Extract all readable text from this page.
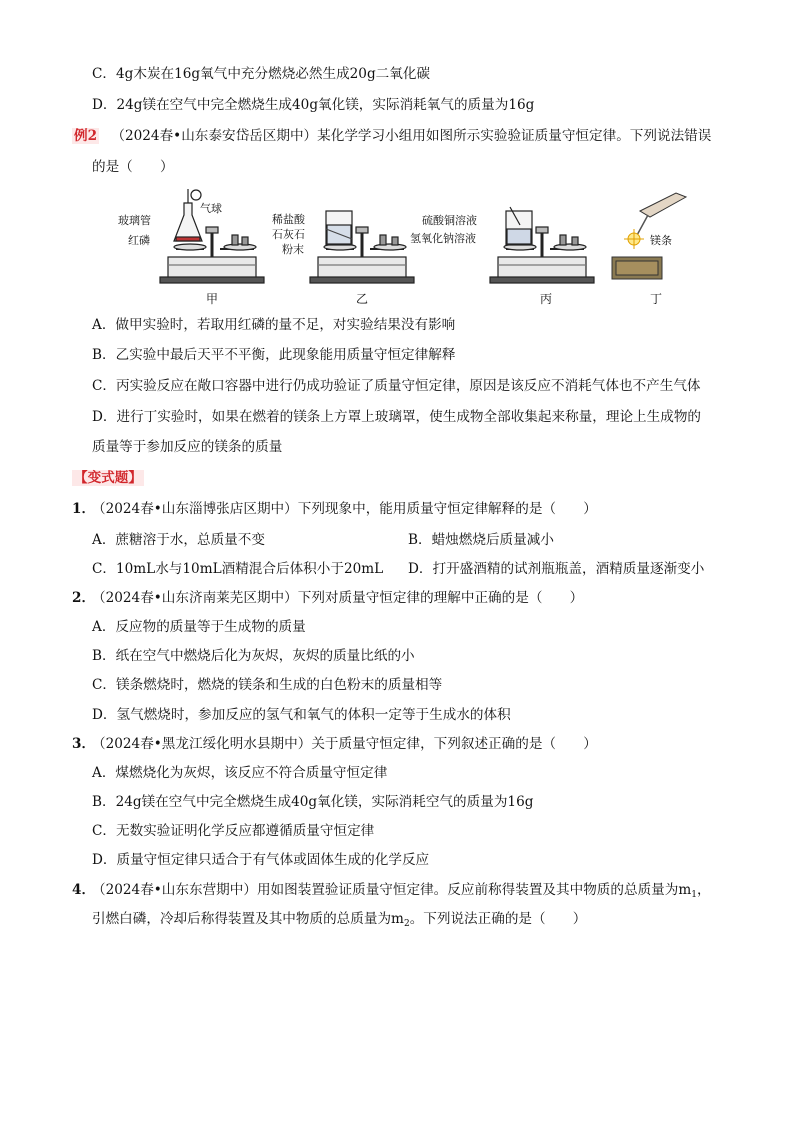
C．4g木炭在16g氧气中充分燃烧必然生成20g二氧化碳
D．24g镁在空气中完全燃烧生成40g氧化镁，实际消耗氧气的质量为16g
例2 （2024春•山东泰安岱岳区期中）某化学学习小组用如图所示实验验证质量守恒定律。下列说法错误
的是（　　）
玻璃管
红磷
气球
稀盐酸
石灰石
粉末
硫酸铜溶液
氢氧化钠溶液	镁条
甲	乙	丙	丁
A．做甲实验时，若取用红磷的量不足，对实验结果没有影响
B．乙实验中最后天平不平衡，此现象能用质量守恒定律解释
C．丙实验反应在敞口容器中进行仍成功验证了质量守恒定律，原因是该反应不消耗气体也不产生气体
D．进行丁实验时，如果在燃着的镁条上方罩上玻璃罩，使生成物全部收集起来称量，理论上生成物的
质量等于参加反应的镁条的质量
【变式题】
1．（2024春•山东淄博张店区期中）下列现象中，能用质量守恒定律解释的是（　　）
A．蔗糖溶于水，总质量不变	B．蜡烛燃烧后质量减小
C．10mL水与10mL酒精混合后体积小于20mL D．打开盛酒精的试剂瓶瓶盖，酒精质量逐渐变小
2．（2024春•山东济南莱芜区期中）下列对质量守恒定律的理解中正确的是（　　）
A．反应物的质量等于生成物的质量
B．纸在空气中燃烧后化为灰烬，灰烬的质量比纸的小
C．镁条燃烧时，燃烧的镁条和生成的白色粉末的质量相等
D．氢气燃烧时，参加反应的氢气和氧气的体积一定等于生成水的体积
3．（2024春•黑龙江绥化明水县期中）关于质量守恒定律，下列叙述正确的是（　　）
A．煤燃烧化为灰烬，该反应不符合质量守恒定律
B．24g镁在空气中完全燃烧生成40g氧化镁，实际消耗空气的质量为16g
C．无数实验证明化学反应都遵循质量守恒定律
D．质量守恒定律只适合于有气体或固体生成的化学反应
4．（2024春•山东东营期中）用如图装置验证质量守恒定律。反应前称得装置及其中物质的总质量为$m_1$，
引燃白磷，冷却后称得装置及其中物质的总质量为$m_2$。下列说法正确的是（　　）
